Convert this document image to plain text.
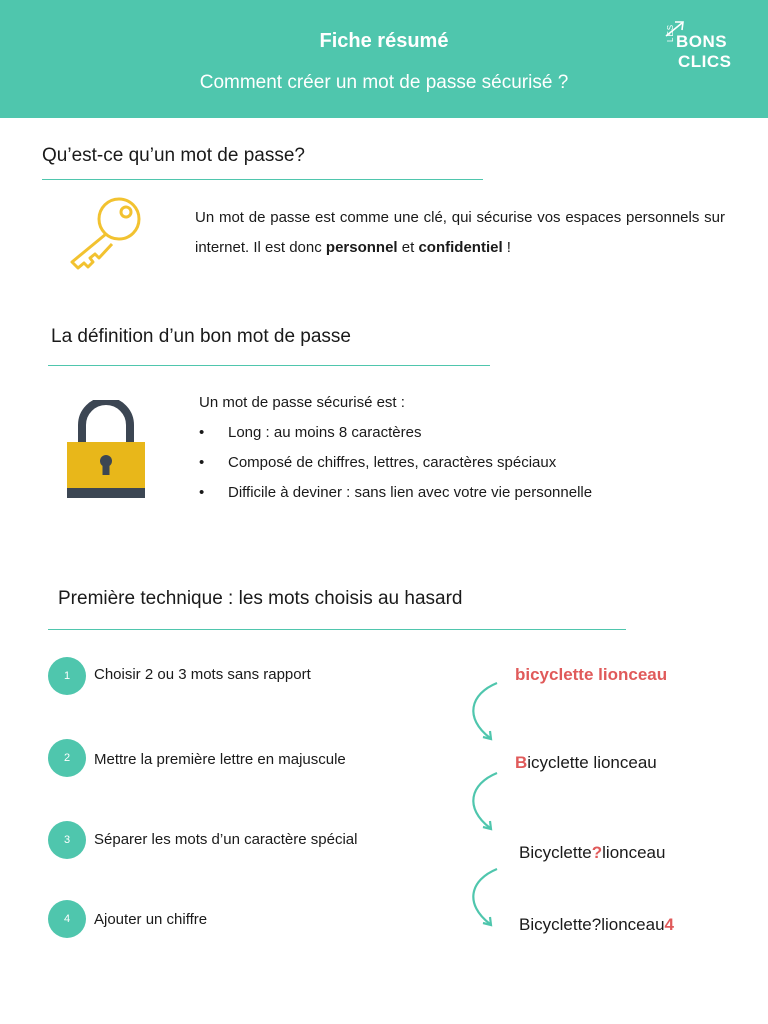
Fiche résumé
Comment créer un mot de passe sécurisé ?
LES BONS
CLICS
Qu’est-ce qu’un mot de passe?
Un mot de passe est comme une clé, qui sécurise vos espaces personnels sur internet. Il est donc personnel et confidentiel !
La définition d’un bon mot de passe
Un mot de passe sécurisé est :
• Long : au moins 8 caractères
• Composé de chiffres, lettres, caractères spéciaux
• Difficile à deviner : sans lien avec votre vie personnelle
Première technique : les mots choisis au hasard
1	Choisir 2 ou 3 mots sans rapport
2	Mettre la première lettre en majuscule
3	Séparer les mots d’un caractère spécial
4	Ajouter un chiffre
bicyclette lionceau
Bicyclette lionceau
Bicyclette?lionceau
Bicyclette?lionceau4
